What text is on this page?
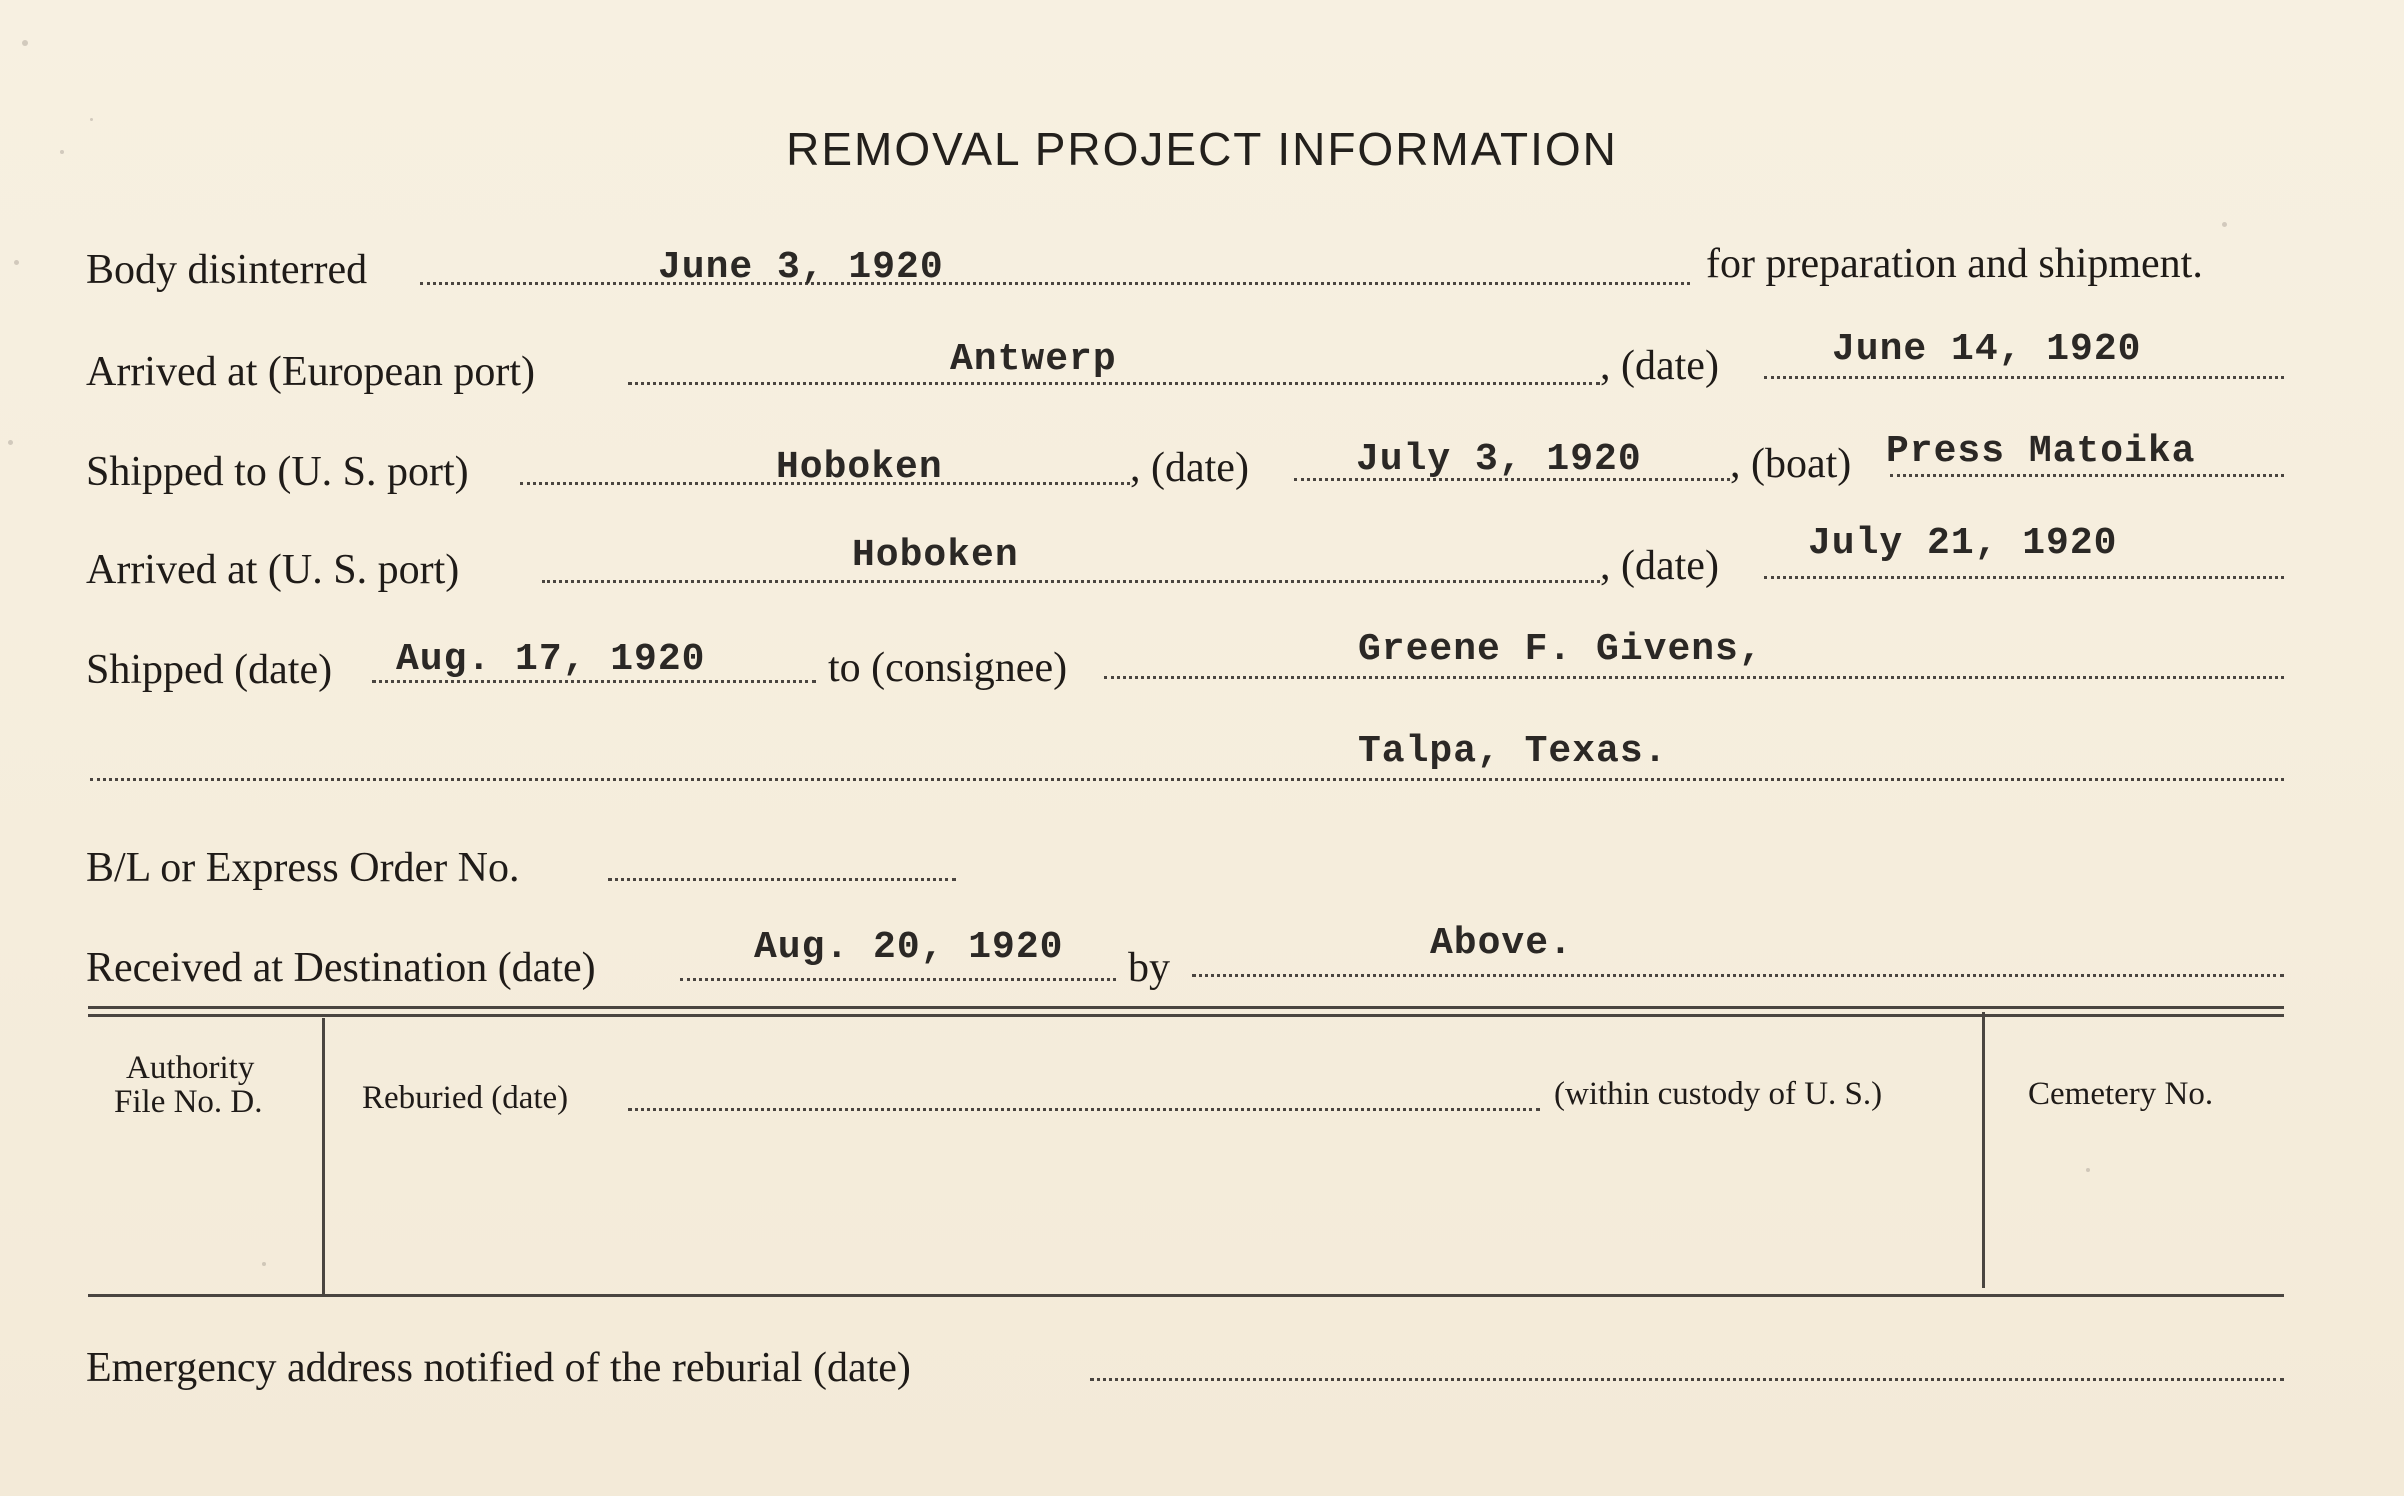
REMOVAL PROJECT INFORMATION
Body disinterred	June 3, 1920	for preparation and shipment.
Arrived at (European port)	Antwerp	, (date)	June 14, 1920
Shipped to (U. S. port)	Hoboken	, (date)	July 3, 1920 , (boat) Press Matoika
Arrived at (U. S. port)	Hoboken	, (date) July 21, 1920
Shipped (date) Aug. 17, 1920	to (consignee)	Greene F. Givens,
Talpa, Texas.
B/L or Express Order No.
Received at Destination (date)	Aug. 20, 1920 by
Above.
Authority
File No. D.	Reburied (date)	(within custody of U. S.)	Cemetery No.
Emergency address notified of the reburial (date)
